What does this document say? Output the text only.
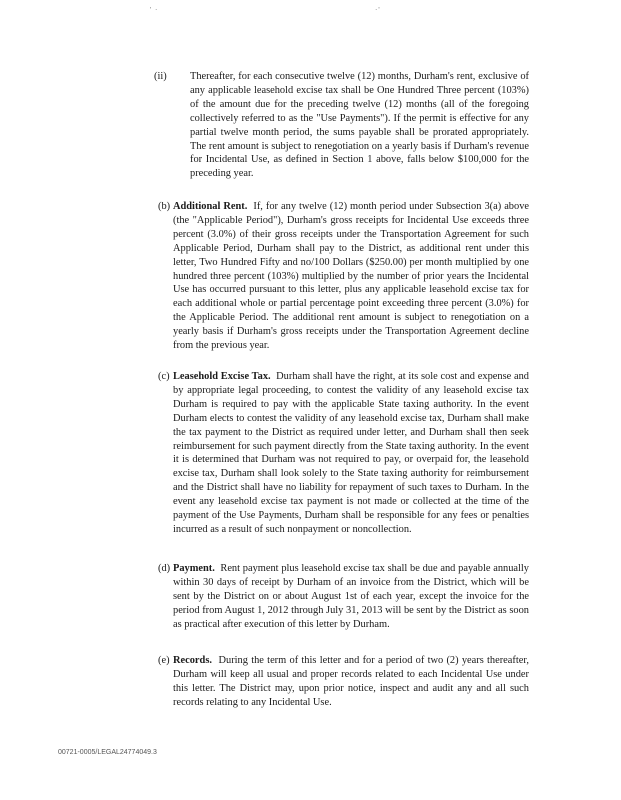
' ·	·'
(ii) Thereafter, for each consecutive twelve (12) months, Durham's rent, exclusive of any applicable leasehold excise tax shall be One Hundred Three percent (103%) of the amount due for the preceding twelve (12) months (all of the foregoing collectively referred to as the "Use Payments"). If the permit is effective for any partial twelve month period, the sums payable shall be prorated appropriately. The rent amount is subject to renegotiation on a yearly basis if Durham's revenue for Incidental Use, as defined in Section 1 above, falls below $100,000 for the preceding year.
(b) Additional Rent. If, for any twelve (12) month period under Subsection 3(a) above (the "Applicable Period"), Durham's gross receipts for Incidental Use exceeds three percent (3.0%) of their gross receipts under the Transportation Agreement for such Applicable Period, Durham shall pay to the District, as additional rent under this letter, Two Hundred Fifty and no/100 Dollars ($250.00) per month multiplied by one hundred three percent (103%) multiplied by the number of prior years the Incidental Use has occurred pursuant to this letter, plus any applicable leasehold excise tax for each additional whole or partial percentage point exceeding three percent (3.0%) for the Applicable Period. The additional rent amount is subject to renegotiation on a yearly basis if Durham's gross receipts under the Transportation Agreement decline from the previous year.
(c) Leasehold Excise Tax. Durham shall have the right, at its sole cost and expense and by appropriate legal proceeding, to contest the validity of any leasehold excise tax Durham is required to pay with the applicable State taxing authority. In the event Durham elects to contest the validity of any leasehold excise tax, Durham shall make the tax payment to the District as required under letter, and Durham shall then seek reimbursement for such payment directly from the State taxing authority. In the event it is determined that Durham was not required to pay, or overpaid for, the leasehold excise tax, Durham shall look solely to the State taxing authority for reimbursement and the District shall have no liability for repayment of such taxes to Durham. In the event any leasehold excise tax payment is not made or collected at the time of the payment of the Use Payments, Durham shall be responsible for any fees or penalties incurred as a result of such nonpayment or noncollection.
(d) Payment. Rent payment plus leasehold excise tax shall be due and payable annually within 30 days of receipt by Durham of an invoice from the District, which will be sent by the District on or about August 1st of each year, except the invoice for the period from August 1, 2012 through July 31, 2013 will be sent by the District as soon as practical after execution of this letter by Durham.
(e) Records. During the term of this letter and for a period of two (2) years thereafter, Durham will keep all usual and proper records related to each Incidental Use under this letter. The District may, upon prior notice, inspect and audit any and all such records relating to any Incidental Use.
00721-0005/LEGAL24774049.3
